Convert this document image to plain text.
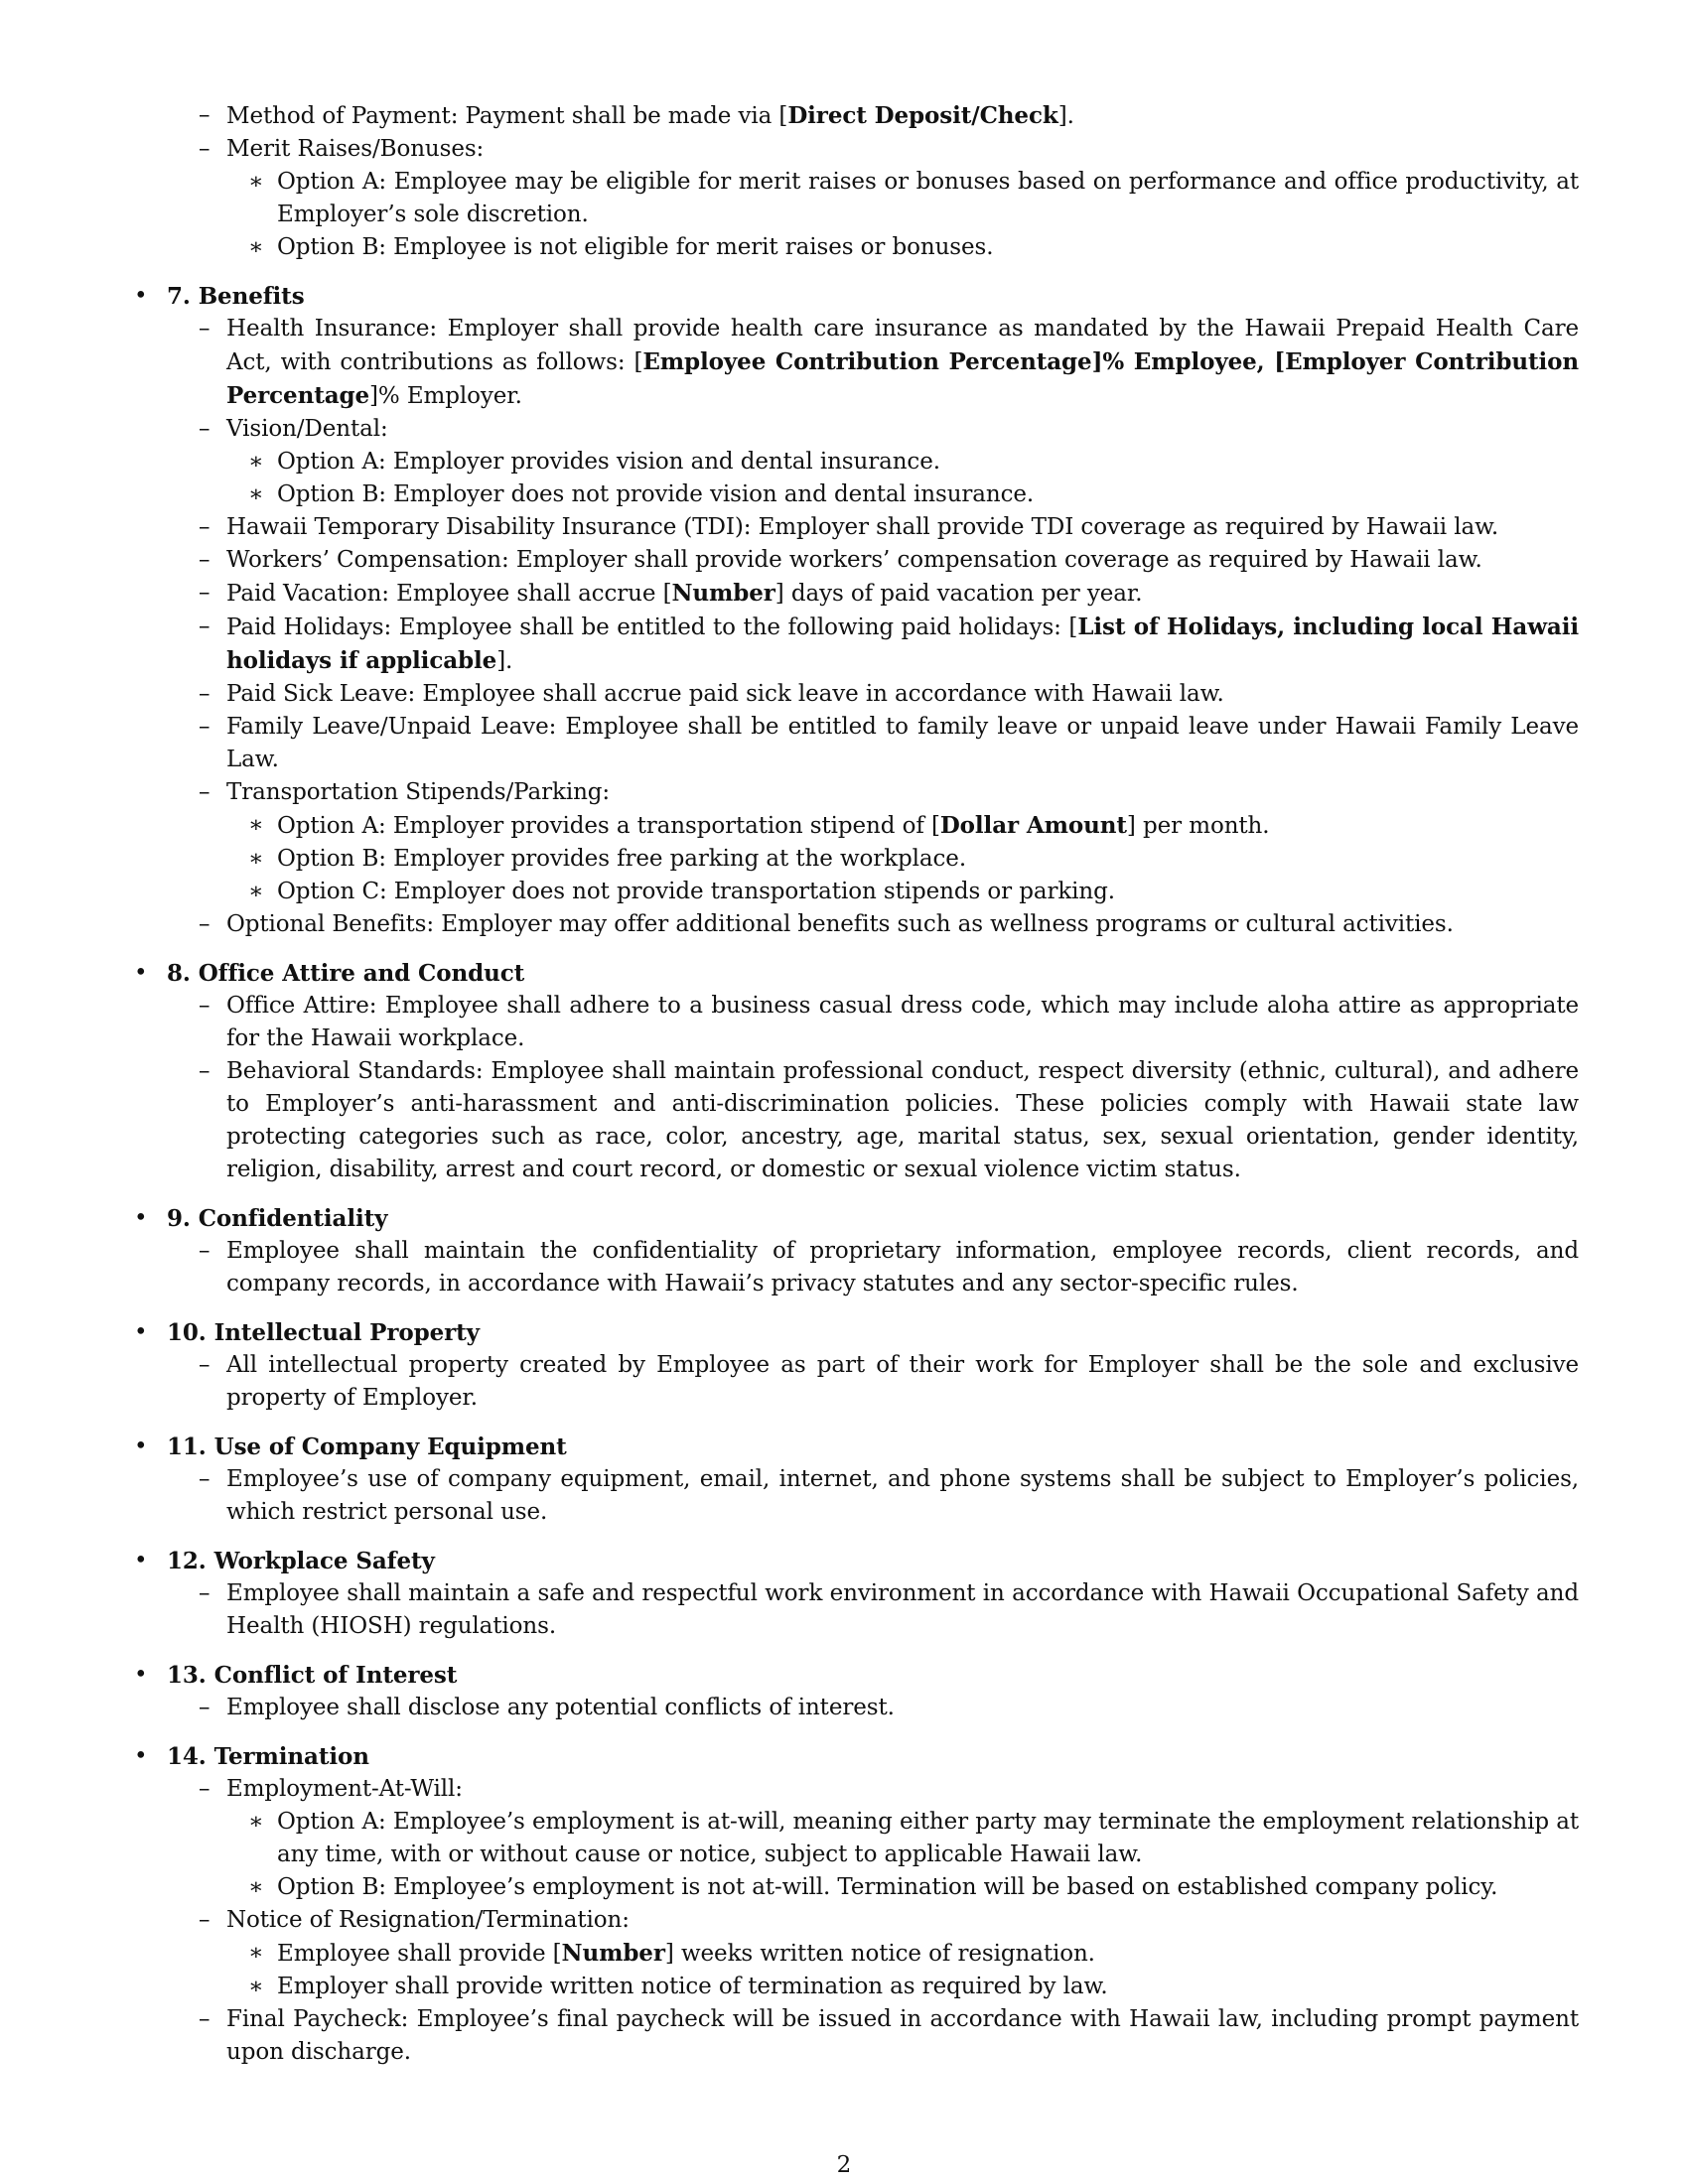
– Method of Payment: Payment shall be made via [Direct Deposit/Check].
– Merit Raises/Bonuses:
∗ Option A: Employee may be eligible for merit raises or bonuses based on performance and office productivity, at Employer’s sole discretion.
∗ Option B: Employee is not eligible for merit raises or bonuses.
• 7. Benefits
– Health Insurance: Employer shall provide health care insurance as mandated by the Hawaii Prepaid Health Care Act, with contributions as follows: [Employee Contribution Percentage]% Employee, [Employer Contribution Percentage]% Employer.
– Vision/Dental:
∗ Option A: Employer provides vision and dental insurance.
∗ Option B: Employer does not provide vision and dental insurance.
– Hawaii Temporary Disability Insurance (TDI): Employer shall provide TDI coverage as required by Hawaii law.
– Workers’ Compensation: Employer shall provide workers’ compensation coverage as required by Hawaii law.
– Paid Vacation: Employee shall accrue [Number] days of paid vacation per year.
– Paid Holidays: Employee shall be entitled to the following paid holidays: [List of Holidays, including local Hawaii holidays if applicable].
– Paid Sick Leave: Employee shall accrue paid sick leave in accordance with Hawaii law.
– Family Leave/Unpaid Leave: Employee shall be entitled to family leave or unpaid leave under Hawaii Family Leave Law.
– Transportation Stipends/Parking:
∗ Option A: Employer provides a transportation stipend of [Dollar Amount] per month.
∗ Option B: Employer provides free parking at the workplace.
∗ Option C: Employer does not provide transportation stipends or parking.
– Optional Benefits: Employer may offer additional benefits such as wellness programs or cultural activities.
• 8. Office Attire and Conduct
– Office Attire: Employee shall adhere to a business casual dress code, which may include aloha attire as appropriate for the Hawaii workplace.
– Behavioral Standards: Employee shall maintain professional conduct, respect diversity (ethnic, cultural), and adhere to Employer’s anti-harassment and anti-discrimination policies. These policies comply with Hawaii state law protecting categories such as race, color, ancestry, age, marital status, sex, sexual orientation, gender identity, religion, disability, arrest and court record, or domestic or sexual violence victim status.
• 9. Confidentiality
– Employee shall maintain the confidentiality of proprietary information, employee records, client records, and company records, in accordance with Hawaii’s privacy statutes and any sector-specific rules.
• 10. Intellectual Property
– All intellectual property created by Employee as part of their work for Employer shall be the sole and exclusive property of Employer.
• 11. Use of Company Equipment
– Employee’s use of company equipment, email, internet, and phone systems shall be subject to Employer’s policies, which restrict personal use.
• 12. Workplace Safety
– Employee shall maintain a safe and respectful work environment in accordance with Hawaii Occupational Safety and Health (HIOSH) regulations.
• 13. Conflict of Interest
– Employee shall disclose any potential conflicts of interest.
• 14. Termination
– Employment-At-Will:
∗ Option A: Employee’s employment is at-will, meaning either party may terminate the employment relationship at any time, with or without cause or notice, subject to applicable Hawaii law.
∗ Option B: Employee’s employment is not at-will. Termination will be based on established company policy.
– Notice of Resignation/Termination:
∗ Employee shall provide [Number] weeks written notice of resignation.
∗ Employer shall provide written notice of termination as required by law.
– Final Paycheck: Employee’s final paycheck will be issued in accordance with Hawaii law, including prompt payment upon discharge.
2
